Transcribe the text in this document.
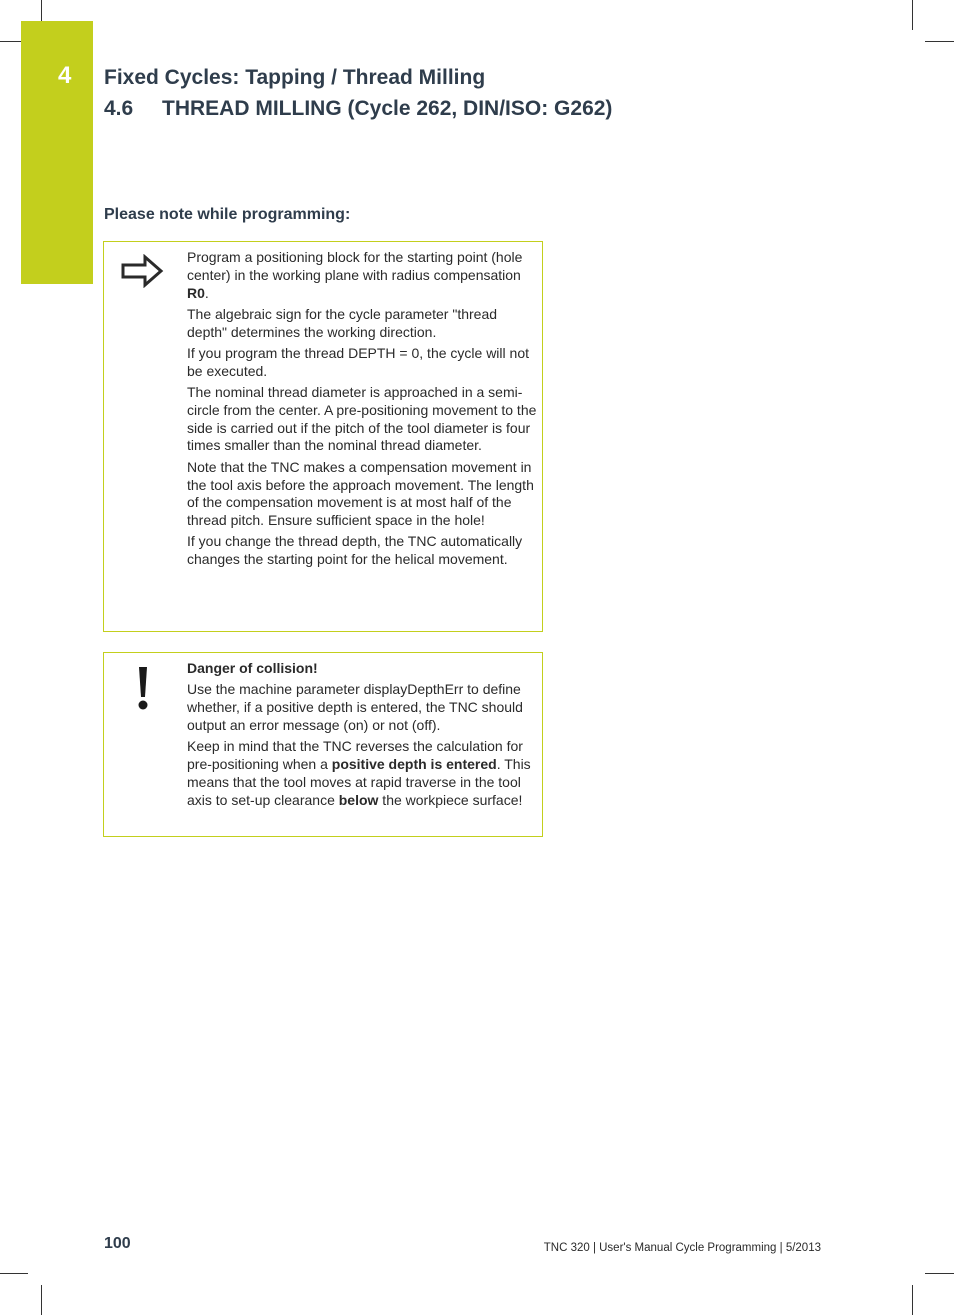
4 Fixed Cycles: Tapping / Thread Milling
4.6 THREAD MILLING (Cycle 262, DIN/ISO: G262)
Please note while programming:

Program a positioning block for the starting point (hole center) in the working plane with radius compensation R0.

The algebraic sign for the cycle parameter "thread depth" determines the working direction.

If you program the thread DEPTH = 0, the cycle will not be executed.

The nominal thread diameter is approached in a semi-circle from the center. A pre-positioning movement to the side is carried out if the pitch of the tool diameter is four times smaller than the nominal thread diameter.

Note that the TNC makes a compensation movement in the tool axis before the approach movement. The length of the compensation movement is at most half of the thread pitch. Ensure sufficient space in the hole!

If you change the thread depth, the TNC automatically changes the starting point for the helical movement.

Danger of collision!

Use the machine parameter displayDepthErr to define whether, if a positive depth is entered, the TNC should output an error message (on) or not (off).

Keep in mind that the TNC reverses the calculation for pre-positioning when a positive depth is entered. This means that the tool moves at rapid traverse in the tool axis to set-up clearance below the workpiece surface!

100	TNC 320 | User's Manual Cycle Programming | 5/2013
